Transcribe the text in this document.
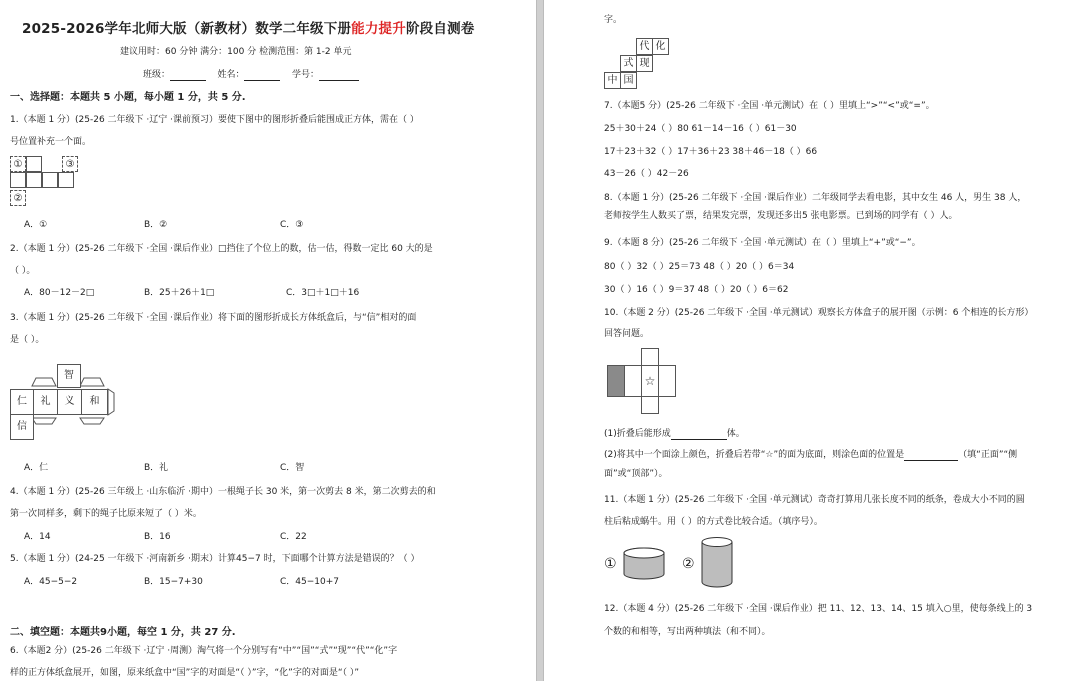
2025-2026学年北师大版（新教材）数学二年级下册能力提升阶段自测卷
建议用时：60 分钟 满分：100 分 检测范围：第 1-2 单元
班级：	姓名：	学号：
一、选择题：本题共 5 小题，每小题 1 分，共 5 分.
1.（本题 1 分）(25-26 二年级下 ·辽宁 ·课前预习）要使下图中的图形折叠后能围成正方体，需在（ ）
号位置补充一个面。
①	③
②
A．①	B．②	C．③
2.（本题 1 分）(25-26 二年级下 ·全国 ·课后作业）□挡住了个位上的数，估一估，得数一定比 60 大的是
（ ）。
A．80－12－2□	B．25＋26＋1□	C．3□＋1□＋16
3.（本题 1 分）(25-26 二年级下 ·全国 ·课后作业）将下面的图形折成长方体纸盒后，与“信”相对的面
是（ ）。
智
仁	礼	义	和
信
A．仁	B．礼	C．智
4.（本题 1 分）(25-26 三年级上 ·山东临沂 ·期中）一根绳子长 30 米，第一次剪去 8 米，第二次剪去的和
第一次同样多，剩下的绳子比原来短了（ ）米。
A．14	B．16	C．22
5.（本题 1 分）(24-25 一年级下 ·河南新乡 ·期末）计算45−7 时，下面哪个计算方法是错误的？（ ）
A．45−5−2	B．15−7+30	C．45−10+7
二、填空题：本题共9小题，每空 1 分，共 27 分.
6.（本题2 分）(25-26 二年级下 ·辽宁 ·周测）淘气将一个分别写有“中”“国”“式”“现”“代”“化”字
样的正方体纸盒展开，如图，原来纸盒中“国”字的对面是“（ ）”字，“化”字的对面是“（ ）”
字。
代 化
式 现
中 国
7.（本题5 分）(25-26 二年级下 ·全国 ·单元测试）在（ ）里填上“>”“<”或“=”。
25＋30＋24（ ）80 61－14－16（ ）61－30
17＋23＋32（ ）17＋36＋23 38＋46－18（ ）66
43－26（ ）42－26
8.（本题 1 分）(25-26 二年级下 ·全国 ·课后作业）二年级同学去看电影，其中女生 46 人，男生 38 人，
老师按学生人数买了票，结果发完票，发现还多出5 张电影票。已到场的同学有（ ）人。
9.（本题 8 分）(25-26 二年级下 ·全国 ·单元测试）在（ ）里填上“+”或“−”。
80（ ）32（ ）25＝73 48（ ）20（ ）6＝34
30（ ）16（ ）9＝37 48（ ）20（ ）6＝62
10.（本题 2 分）(25-26 二年级下 ·全国 ·单元测试）观察长方体盒子的展开图（示例：6 个相连的长方形）
回答问题。
☆
(1)折叠后能形成	体。
(2)将其中一个面涂上颜色，折叠后若带“☆”的面为底面，则涂色面的位置是	（填“正面”“侧
面”或“顶部”）。
11.（本题 1 分）(25-26 二年级下 ·全国 ·单元测试）奇奇打算用几张长度不同的纸条，卷成大小不同的圆
柱后粘成蜗牛。用（ ）的方式卷比较合适。（填序号）。
①	②
12.（本题 4 分）(25-26 二年级下 ·全国 ·课后作业）把 11、12、13、14、15 填入○里，使每条线上的 3
个数的和相等，写出两种填法（和不同）。
